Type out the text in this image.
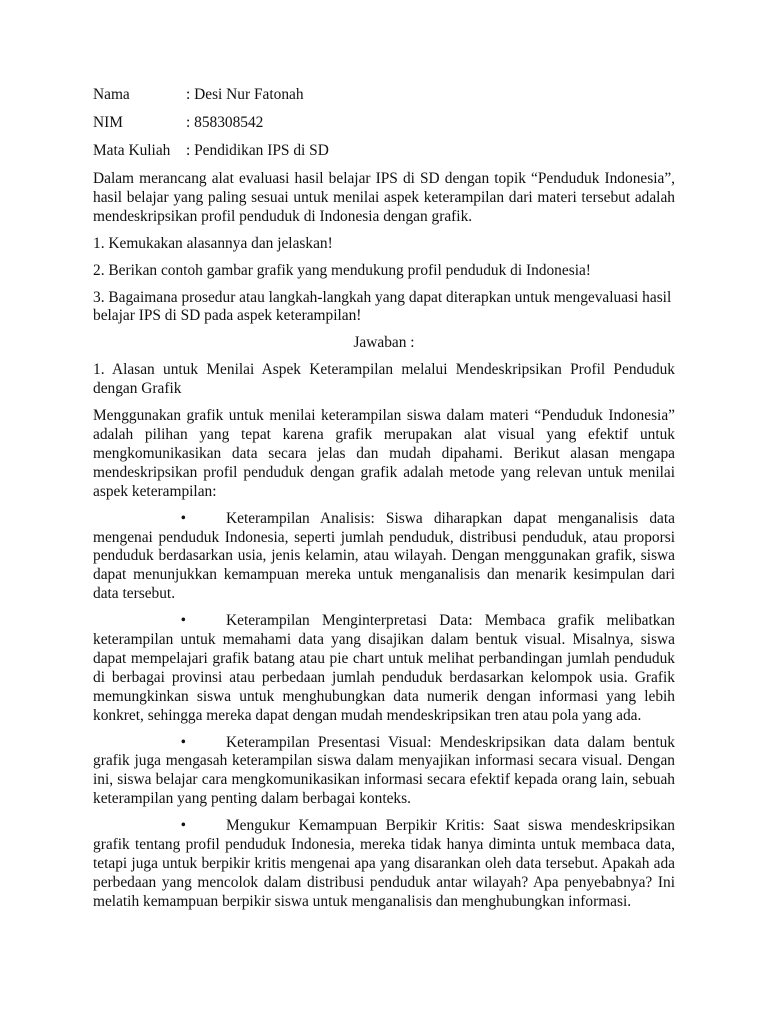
Nama	: Desi Nur Fatonah
NIM	: 858308542
Mata Kuliah	: Pendidikan IPS di SD

Dalam merancang alat evaluasi hasil belajar IPS di SD dengan topik “Penduduk Indonesia”, hasil belajar yang paling sesuai untuk menilai aspek keterampilan dari materi tersebut adalah mendeskripsikan profil penduduk di Indonesia dengan grafik.

1. Kemukakan alasannya dan jelaskan!

2. Berikan contoh gambar grafik yang mendukung profil penduduk di Indonesia!

3. Bagaimana prosedur atau langkah-langkah yang dapat diterapkan untuk mengevaluasi hasil belajar IPS di SD pada aspek keterampilan!

Jawaban :

1. Alasan untuk Menilai Aspek Keterampilan melalui Mendeskripsikan Profil Penduduk dengan Grafik

Menggunakan grafik untuk menilai keterampilan siswa dalam materi “Penduduk Indonesia” adalah pilihan yang tepat karena grafik merupakan alat visual yang efektif untuk mengkomunikasikan data secara jelas dan mudah dipahami. Berikut alasan mengapa mendeskripsikan profil penduduk dengan grafik adalah metode yang relevan untuk menilai aspek keterampilan:

•	Keterampilan Analisis: Siswa diharapkan dapat menganalisis data mengenai penduduk Indonesia, seperti jumlah penduduk, distribusi penduduk, atau proporsi penduduk berdasarkan usia, jenis kelamin, atau wilayah. Dengan menggunakan grafik, siswa dapat menunjukkan kemampuan mereka untuk menganalisis dan menarik kesimpulan dari data tersebut.

•	Keterampilan Menginterpretasi Data: Membaca grafik melibatkan keterampilan untuk memahami data yang disajikan dalam bentuk visual. Misalnya, siswa dapat mempelajari grafik batang atau pie chart untuk melihat perbandingan jumlah penduduk di berbagai provinsi atau perbedaan jumlah penduduk berdasarkan kelompok usia. Grafik memungkinkan siswa untuk menghubungkan data numerik dengan informasi yang lebih konkret, sehingga mereka dapat dengan mudah mendeskripsikan tren atau pola yang ada.

•	Keterampilan Presentasi Visual: Mendeskripsikan data dalam bentuk grafik juga mengasah keterampilan siswa dalam menyajikan informasi secara visual. Dengan ini, siswa belajar cara mengkomunikasikan informasi secara efektif kepada orang lain, sebuah keterampilan yang penting dalam berbagai konteks.

•	Mengukur Kemampuan Berpikir Kritis: Saat siswa mendeskripsikan grafik tentang profil penduduk Indonesia, mereka tidak hanya diminta untuk membaca data, tetapi juga untuk berpikir kritis mengenai apa yang disarankan oleh data tersebut. Apakah ada perbedaan yang mencolok dalam distribusi penduduk antar wilayah? Apa penyebabnya? Ini melatih kemampuan berpikir siswa untuk menganalisis dan menghubungkan informasi.
